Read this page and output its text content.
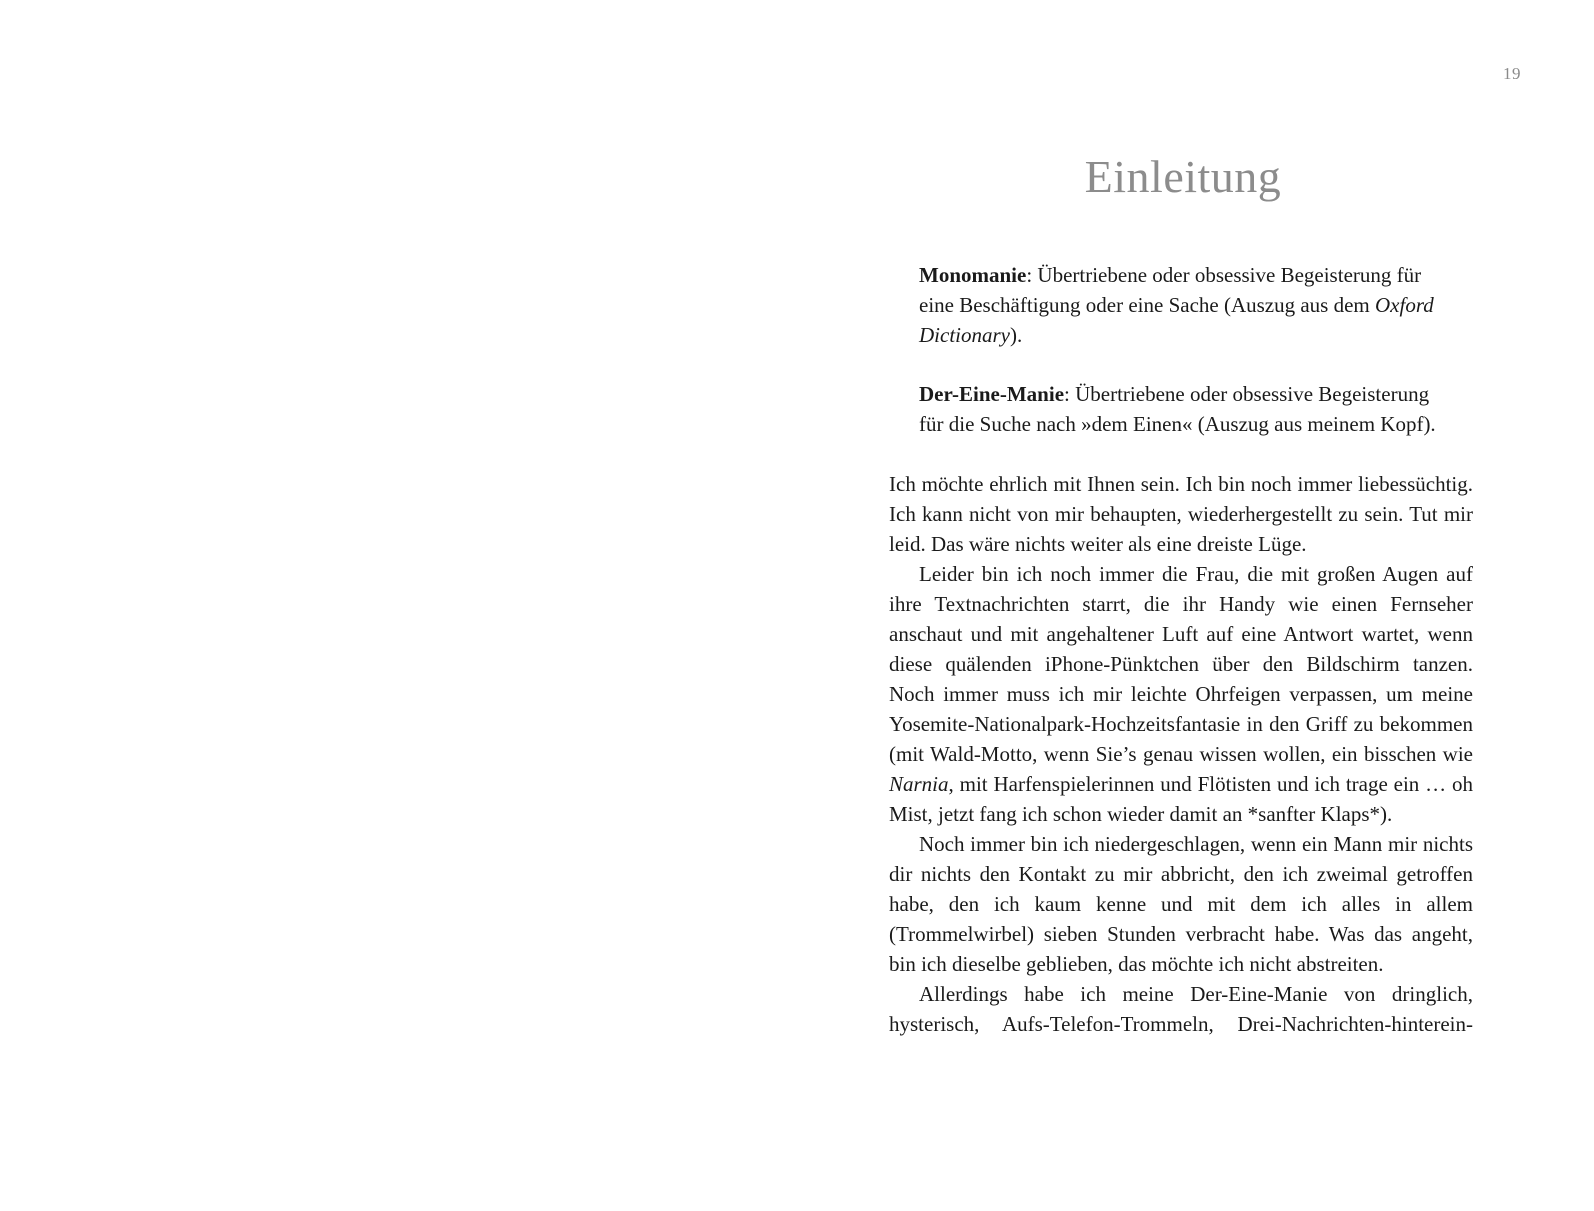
19
Einleitung

Monomanie: Übertriebene oder obsessive Begeisterung für eine Beschäftigung oder eine Sache (Auszug aus dem Oxford Dictionary).

Der-Eine-Manie: Übertriebene oder obsessive Begeisterung für die Suche nach »dem Einen« (Auszug aus meinem Kopf).

Ich möchte ehrlich mit Ihnen sein. Ich bin noch immer liebessüchtig. Ich kann nicht von mir behaupten, wiederhergestellt zu sein. Tut mir leid. Das wäre nichts weiter als eine dreiste Lüge.

Leider bin ich noch immer die Frau, die mit großen Augen auf ihre Textnachrichten starrt, die ihr Handy wie einen Fernseher anschaut und mit angehaltener Luft auf eine Antwort wartet, wenn diese quälenden iPhone-Pünktchen über den Bildschirm tanzen. Noch immer muss ich mir leichte Ohrfeigen verpassen, um meine Yosemite-Nationalpark-Hochzeitsfantasie in den Griff zu bekommen (mit Wald-Motto, wenn Sie’s genau wissen wollen, ein bisschen wie Narnia, mit Harfenspielerinnen und Flötisten und ich trage ein … oh Mist, jetzt fang ich schon wieder damit an *sanfter Klaps*).

Noch immer bin ich niedergeschlagen, wenn ein Mann mir nichts dir nichts den Kontakt zu mir abbricht, den ich zweimal getroffen habe, den ich kaum kenne und mit dem ich alles in allem (Trommelwirbel) sieben Stunden verbracht habe. Was das angeht, bin ich dieselbe geblieben, das möchte ich nicht abstreiten.

Allerdings habe ich meine Der-Eine-Manie von dringlich, hysterisch, Aufs-Telefon-Trommeln, Drei-Nachrichten-hinterein-
